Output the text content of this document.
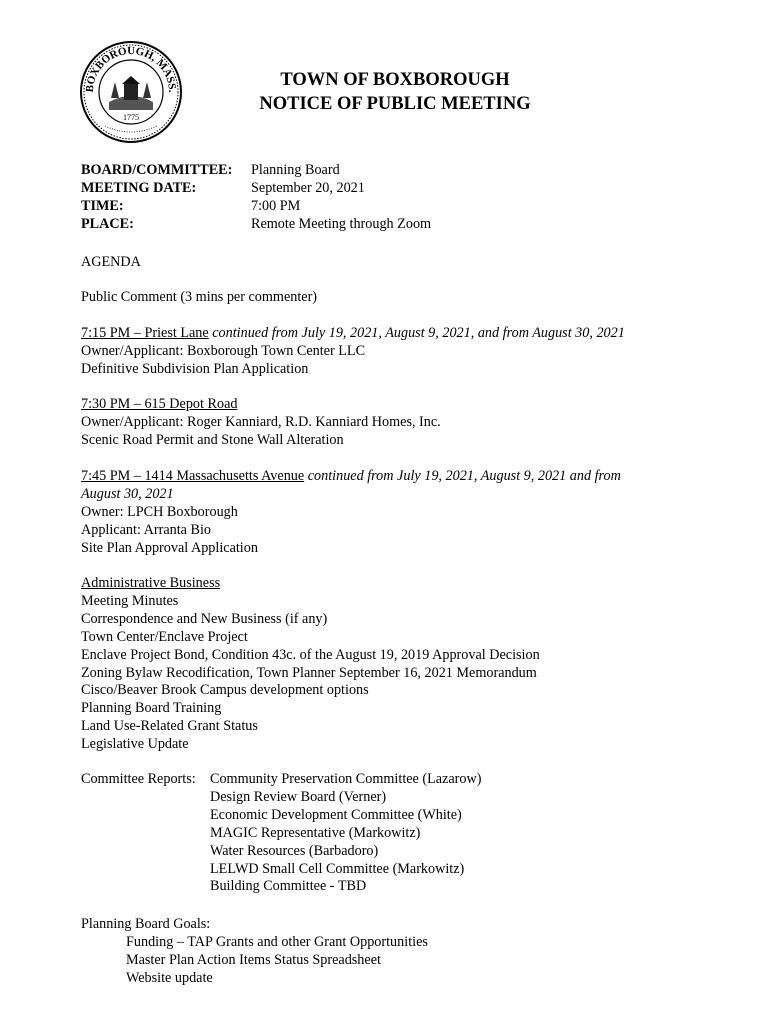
BOXBOROUGH, MASS.
1775
TOWN OF BOXBOROUGH
NOTICE OF PUBLIC MEETING
BOARD/COMMITTEE:	Planning Board
MEETING DATE:	September 20, 2021
TIME:	7:00 PM
PLACE:	Remote Meeting through Zoom
AGENDA
Public Comment (3 mins per commenter)
7:15 PM – Priest Lane continued from July 19, 2021, August 9, 2021, and from August 30, 2021
Owner/Applicant: Boxborough Town Center LLC
Definitive Subdivision Plan Application
7:30 PM – 615 Depot Road
Owner/Applicant: Roger Kanniard, R.D. Kanniard Homes, Inc.
Scenic Road Permit and Stone Wall Alteration
7:45 PM – 1414 Massachusetts Avenue continued from July 19, 2021, August 9, 2021 and from
August 30, 2021
Owner: LPCH Boxborough
Applicant: Arranta Bio
Site Plan Approval Application
Administrative Business
Meeting Minutes
Correspondence and New Business (if any)
Town Center/Enclave Project
Enclave Project Bond, Condition 43c. of the August 19, 2019 Approval Decision
Zoning Bylaw Recodification, Town Planner September 16, 2021 Memorandum
Cisco/Beaver Brook Campus development options
Planning Board Training
Land Use-Related Grant Status
Legislative Update
Committee Reports:	Community Preservation Committee (Lazarow)
Design Review Board (Verner)
Economic Development Committee (White)
MAGIC Representative (Markowitz)
Water Resources (Barbadoro)
LELWD Small Cell Committee (Markowitz)
Building Committee - TBD
Planning Board Goals:
Funding – TAP Grants and other Grant Opportunities
Master Plan Action Items Status Spreadsheet
Website update
